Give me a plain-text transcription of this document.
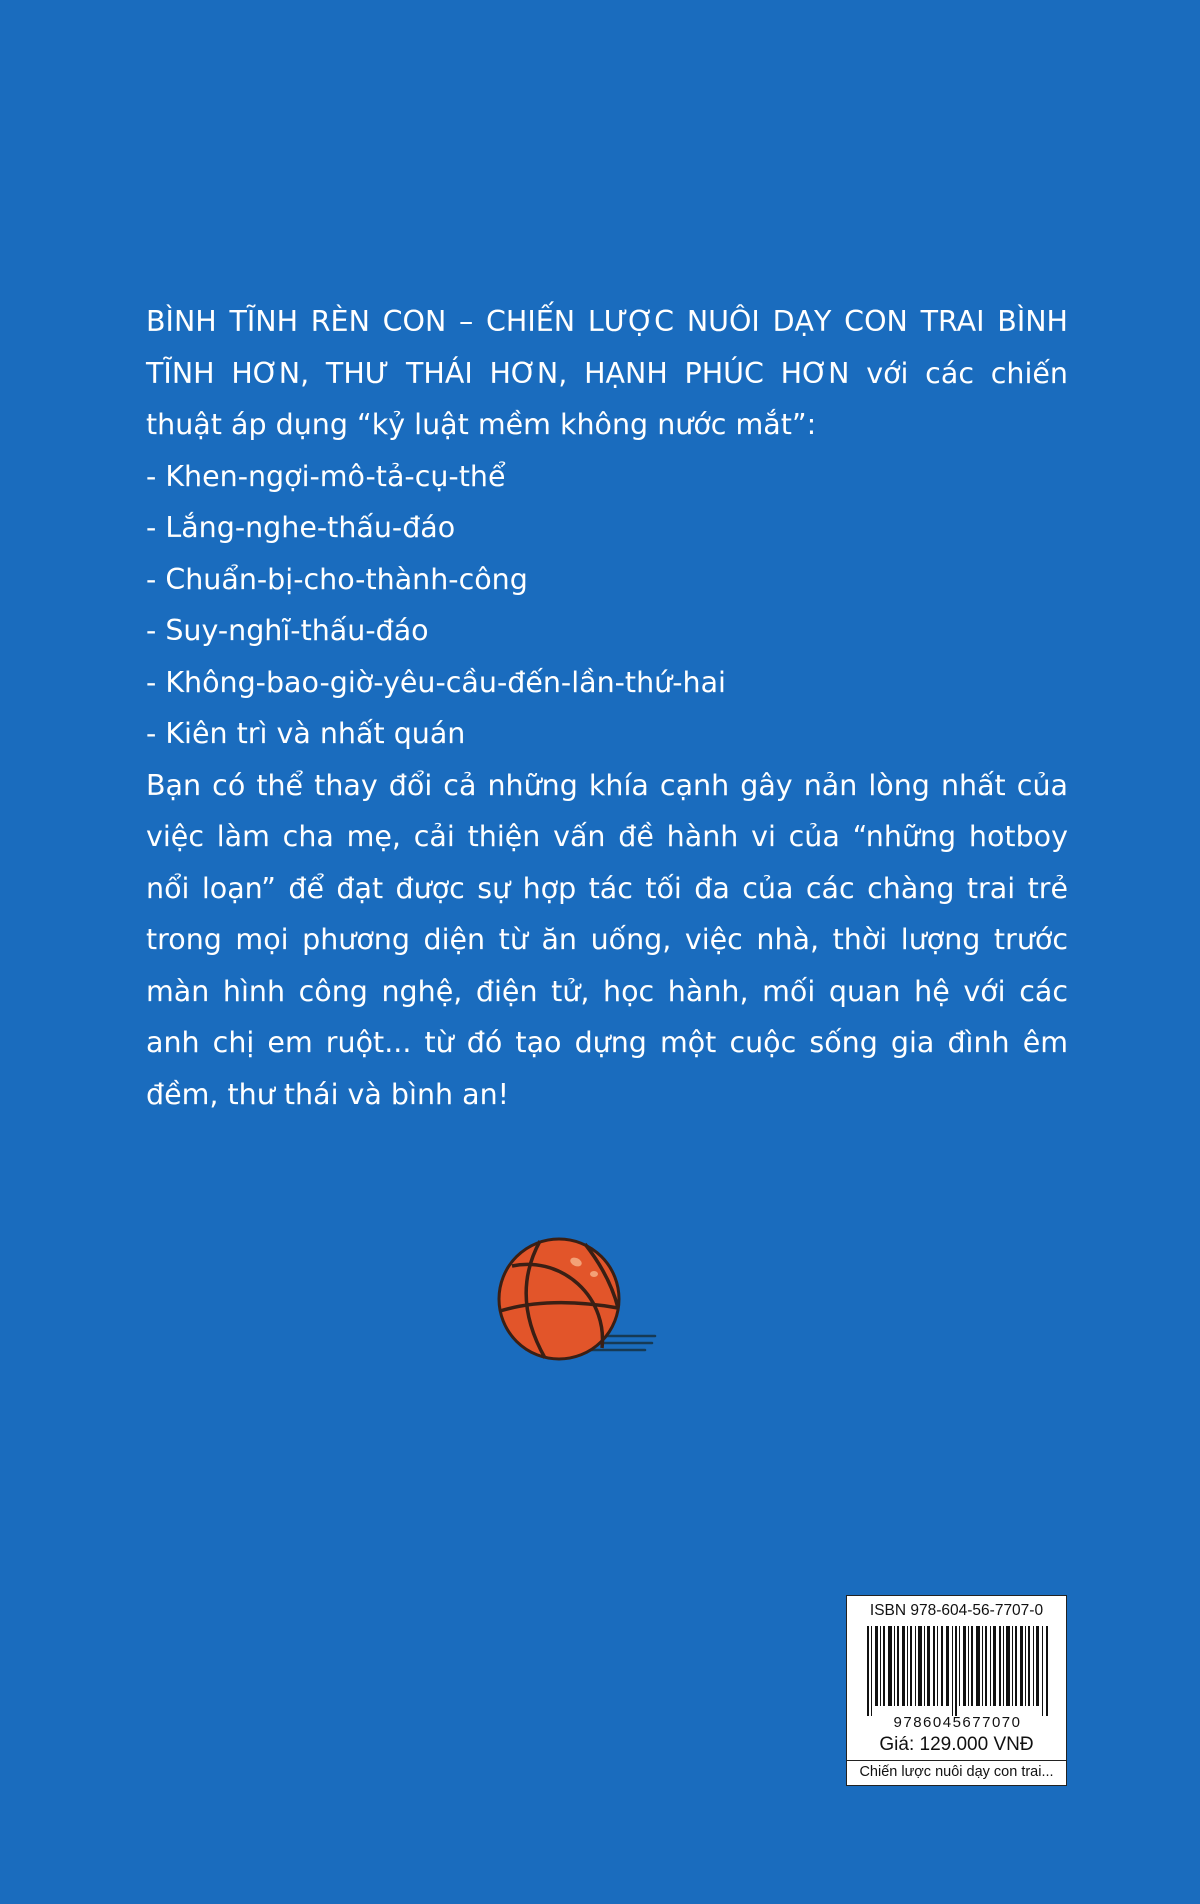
BÌNH TĨNH RÈN CON – CHIẾN LƯỢC NUÔI DẠY CON TRAI BÌNH TĨNH HƠN, THƯ THÁI HƠN, HẠNH PHÚC HƠN với các chiến thuật áp dụng “kỷ luật mềm không nước mắt”:

- Khen-ngợi-mô-tả-cụ-thể
- Lắng-nghe-thấu-đáo
- Chuẩn-bị-cho-thành-công
- Suy-nghĩ-thấu-đáo
- Không-bao-giờ-yêu-cầu-đến-lần-thứ-hai
- Kiên trì và nhất quán

Bạn có thể thay đổi cả những khía cạnh gây nản lòng nhất của việc làm cha mẹ, cải thiện vấn đề hành vi của “những hotboy nổi loạn” để đạt được sự hợp tác tối đa của các chàng trai trẻ trong mọi phương diện từ ăn uống, việc nhà, thời lượng trước màn hình công nghệ, điện tử, học hành, mối quan hệ với các anh chị em ruột... từ đó tạo dựng một cuộc sống gia đình êm đềm, thư thái và bình an!

ISBN 978-604-56-7707-0
9786045677070
Giá: 129.000 VNĐ
Chiến lược nuôi dạy con trai...
